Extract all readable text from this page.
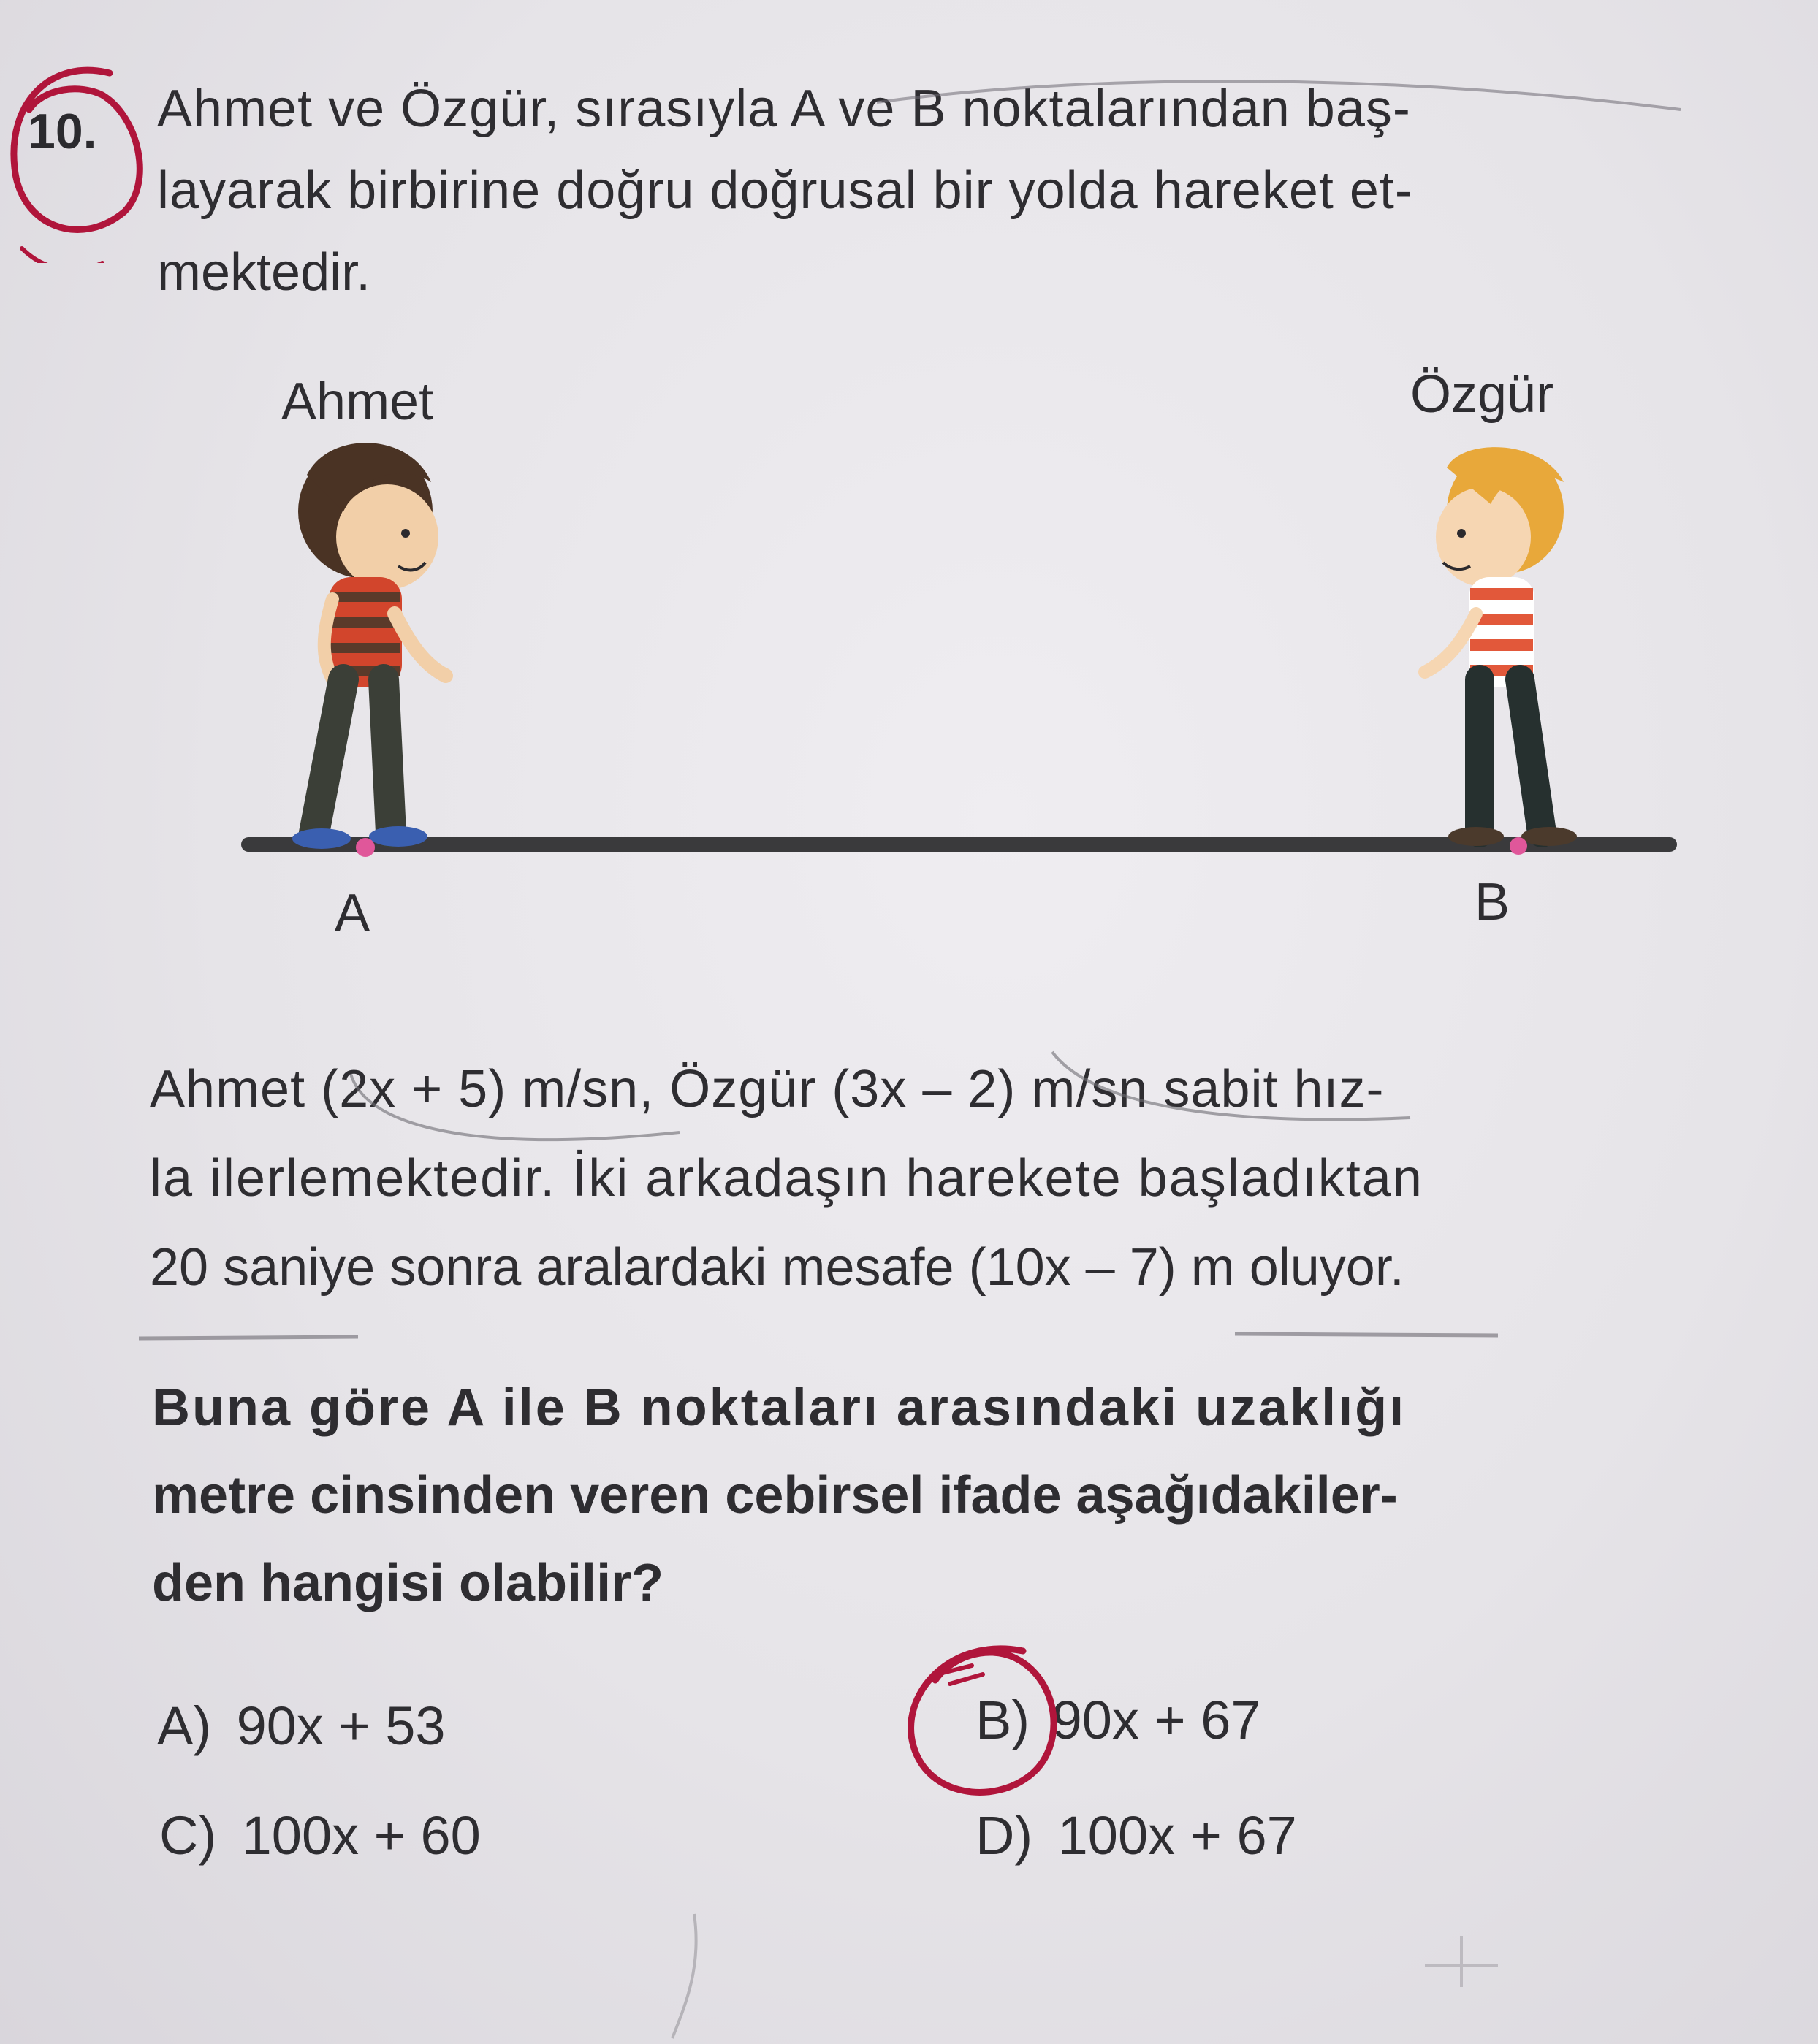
10. Ahmet ve Özgür, sırasıyla A ve B noktalarından baş-
layarak birbirine doğru doğrusal bir yolda hareket et-
mektedir.
Ahmet	Özgür
A	B
Ahmet (2x + 5) m/sn, Özgür (3x – 2) m/sn sabit hız-
la ilerlemektedir. İki arkadaşın harekete başladıktan
20 saniye sonra aralardaki mesafe (10x – 7) m oluyor.
Buna göre A ile B noktaları arasındaki uzaklığı
metre cinsinden veren cebirsel ifade aşağıdakiler-
den hangisi olabilir?
A) 90x + 53	B) 90x + 67
C) 100x + 60	D) 100x + 67
